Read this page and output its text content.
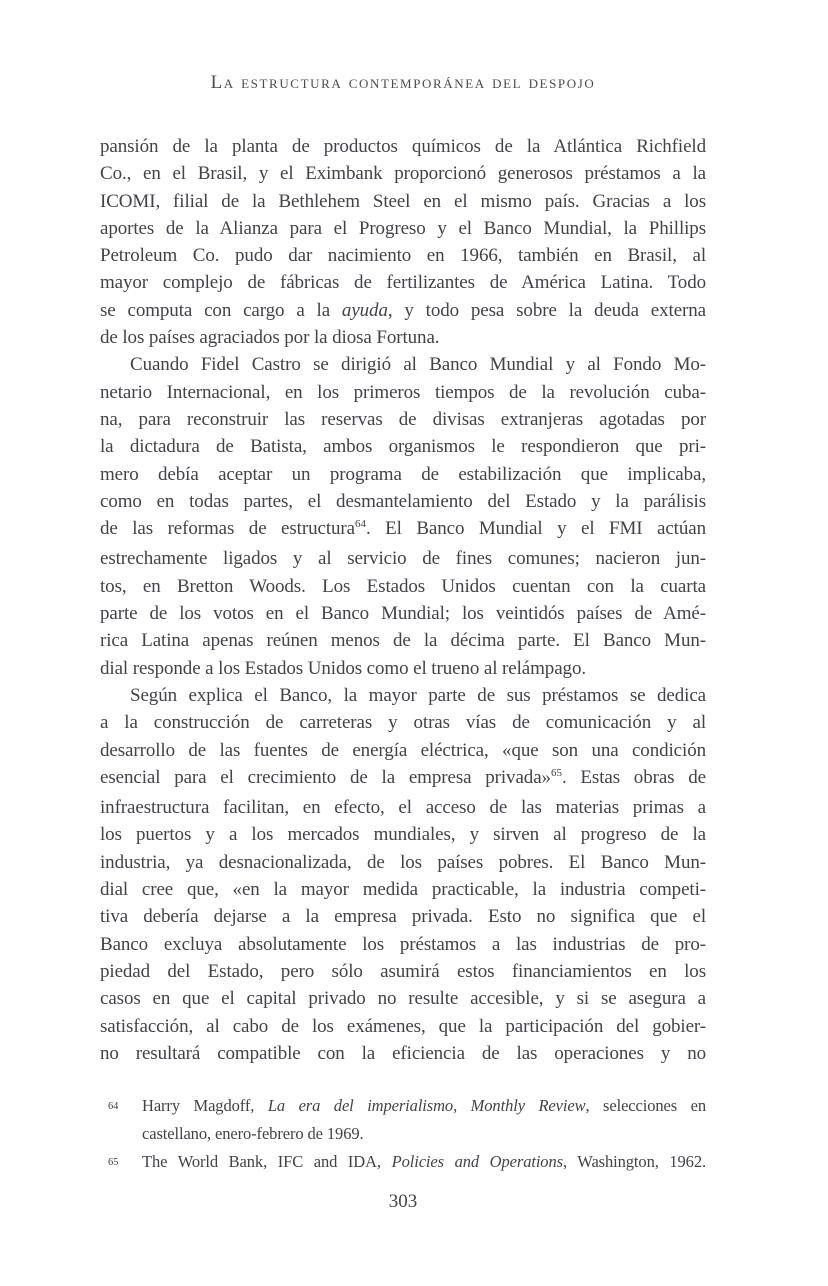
La estructura contemporánea del despojo
pansión de la planta de productos químicos de la Atlántica Richfield
Co., en el Brasil, y el Eximbank proporcionó generosos préstamos a la
ICOMI, filial de la Bethlehem Steel en el mismo país. Gracias a los
aportes de la Alianza para el Progreso y el Banco Mundial, la Phillips
Petroleum Co. pudo dar nacimiento en 1966, también en Brasil, al
mayor complejo de fábricas de fertilizantes de América Latina. Todo
se computa con cargo a la ayuda, y todo pesa sobre la deuda externa
de los países agraciados por la diosa Fortuna.
Cuando Fidel Castro se dirigió al Banco Mundial y al Fondo Mo-
netario Internacional, en los primeros tiempos de la revolución cuba-
na, para reconstruir las reservas de divisas extranjeras agotadas por
la dictadura de Batista, ambos organismos le respondieron que pri-
mero debía aceptar un programa de estabilización que implicaba,
como en todas partes, el desmantelamiento del Estado y la parálisis
de las reformas de estructura$^{64}$. El Banco Mundial y el FMI actúan
estrechamente ligados y al servicio de fines comunes; nacieron jun-
tos, en Bretton Woods. Los Estados Unidos cuentan con la cuarta
parte de los votos en el Banco Mundial; los veintidós países de Amé-
rica Latina apenas reúnen menos de la décima parte. El Banco Mun-
dial responde a los Estados Unidos como el trueno al relámpago.
Según explica el Banco, la mayor parte de sus préstamos se dedica
a la construcción de carreteras y otras vías de comunicación y al
desarrollo de las fuentes de energía eléctrica, «que son una condición
esencial para el crecimiento de la empresa privada»$^{65}$. Estas obras de
infraestructura facilitan, en efecto, el acceso de las materias primas a
los puertos y a los mercados mundiales, y sirven al progreso de la
industria, ya desnacionalizada, de los países pobres. El Banco Mun-
dial cree que, «en la mayor medida practicable, la industria competi-
tiva debería dejarse a la empresa privada. Esto no significa que el
Banco excluya absolutamente los préstamos a las industrias de pro-
piedad del Estado, pero sólo asumirá estos financiamientos en los
casos en que el capital privado no resulte accesible, y si se asegura a
satisfacción, al cabo de los exámenes, que la participación del gobier-
no resultará compatible con la eficiencia de las operaciones y no
64 Harry Magdoff, La era del imperialismo, Monthly Review, selecciones en
castellano, enero-febrero de 1969.
65 The World Bank, IFC and IDA, Policies and Operations, Washington, 1962.
303
